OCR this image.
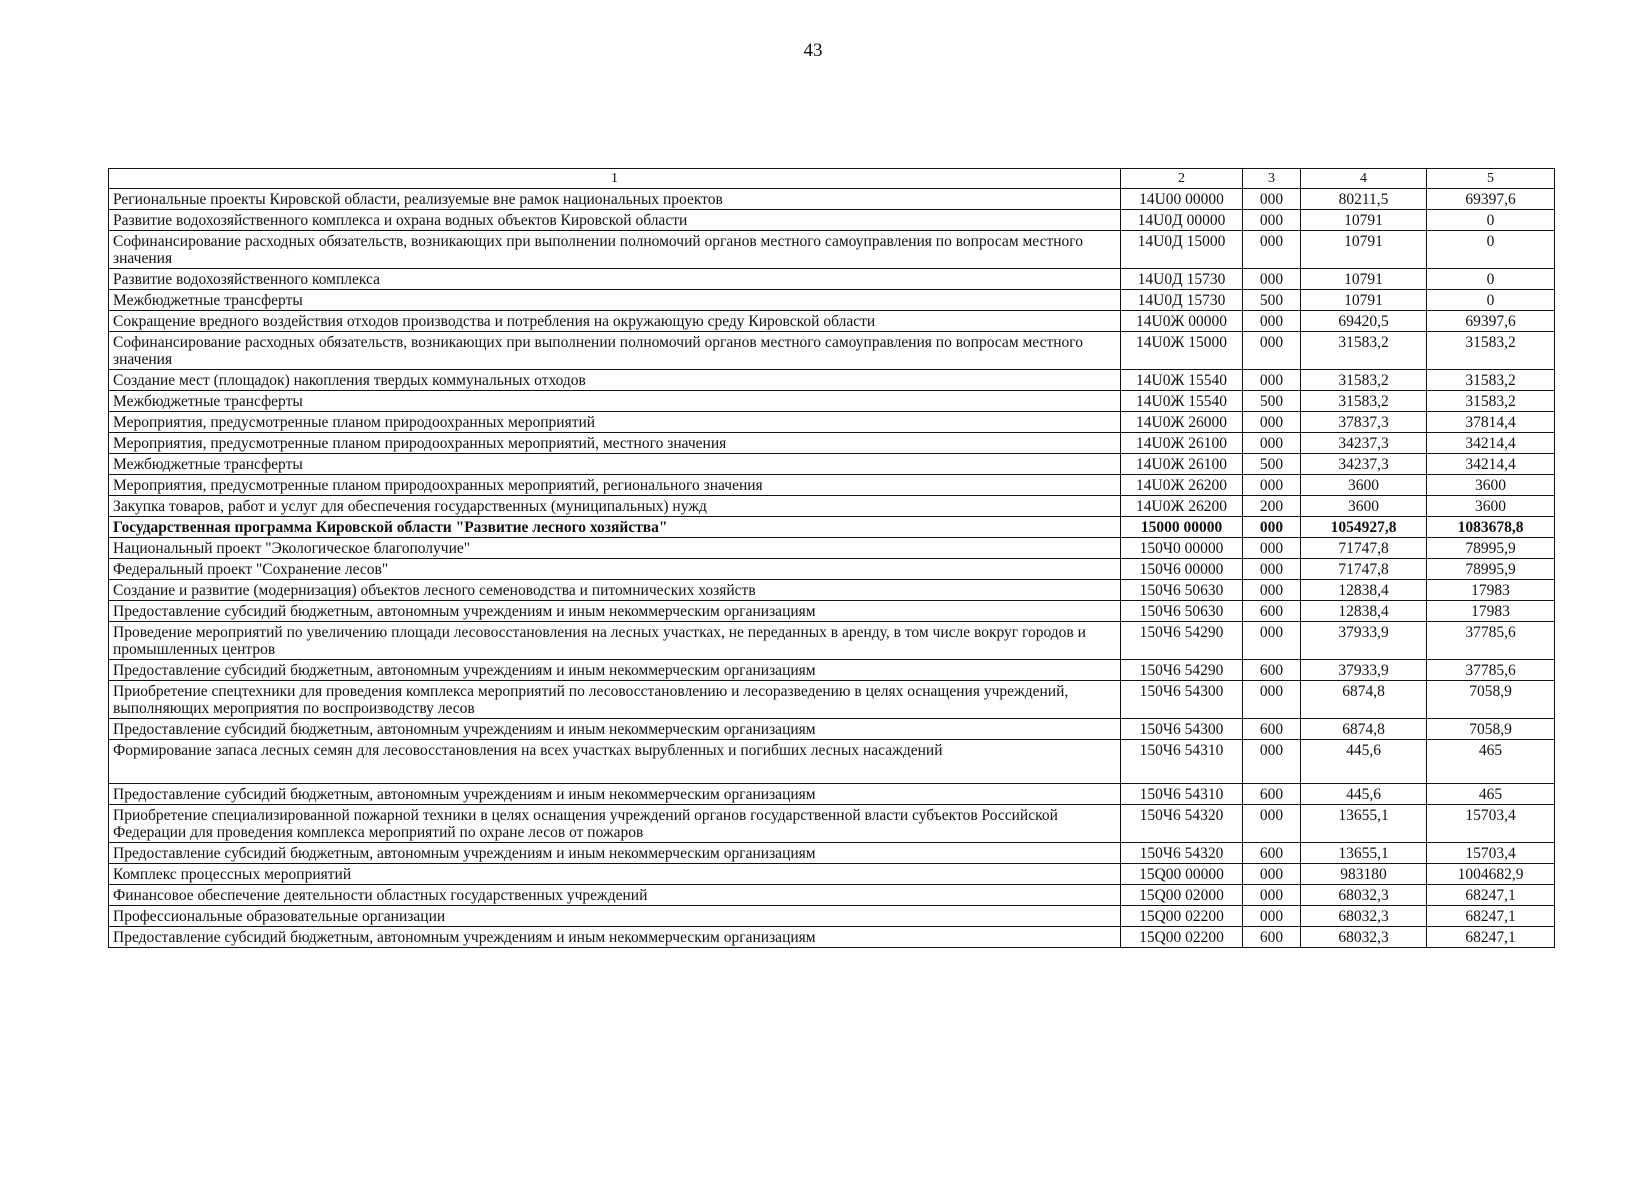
43
1	2	3	4	5
Региональные проекты Кировской области, реализуемые вне рамок национальных проектов	14U00 00000	000	80211,5	69397,6
Развитие водохозяйственного комплекса и охрана водных объектов Кировской области	14U0Д 00000	000	10791	0
Софинансирование расходных обязательств, возникающих при выполнении полномочий органов местного самоуправления по вопросам местного значения	14U0Д 15000	000	10791	0
Развитие водохозяйственного комплекса	14U0Д 15730	000	10791	0
Межбюджетные трансферты	14U0Д 15730	500	10791	0
Сокращение вредного воздействия отходов производства и потребления на окружающую среду Кировской области	14U0Ж 00000	000	69420,5	69397,6
Софинансирование расходных обязательств, возникающих при выполнении полномочий органов местного самоуправления по вопросам местного значения	14U0Ж 15000	000	31583,2	31583,2
Создание мест (площадок) накопления твердых коммунальных отходов	14U0Ж 15540	000	31583,2	31583,2
Межбюджетные трансферты	14U0Ж 15540	500	31583,2	31583,2
Мероприятия, предусмотренные планом природоохранных мероприятий	14U0Ж 26000	000	37837,3	37814,4
Мероприятия, предусмотренные планом природоохранных мероприятий, местного значения	14U0Ж 26100	000	34237,3	34214,4
Межбюджетные трансферты	14U0Ж 26100	500	34237,3	34214,4
Мероприятия, предусмотренные планом природоохранных мероприятий, регионального значения	14U0Ж 26200	000	3600	3600
Закупка товаров, работ и услуг для обеспечения государственных (муниципальных) нужд	14U0Ж 26200	200	3600	3600
Государственная программа Кировской области "Развитие лесного хозяйства"	15000 00000	000	1054927,8	1083678,8
Национальный проект "Экологическое благополучие"	150Ч0 00000	000	71747,8	78995,9
Федеральный проект "Сохранение лесов"	150Ч6 00000	000	71747,8	78995,9
Создание и развитие (модернизация) объектов лесного семеноводства и питомнических хозяйств	150Ч6 50630	000	12838,4	17983
Предоставление субсидий бюджетным, автономным учреждениям и иным некоммерческим организациям	150Ч6 50630	600	12838,4	17983
Проведение мероприятий по увеличению площади лесовосстановления на лесных участках, не переданных в аренду, в том числе вокруг городов и промышленных центров	150Ч6 54290	000	37933,9	37785,6
Предоставление субсидий бюджетным, автономным учреждениям и иным некоммерческим организациям	150Ч6 54290	600	37933,9	37785,6
Приобретение спецтехники для проведения комплекса мероприятий по лесовосстановлению и лесоразведению в целях оснащения учреждений, выполняющих мероприятия по воспроизводству лесов	150Ч6 54300	000	6874,8	7058,9
Предоставление субсидий бюджетным, автономным учреждениям и иным некоммерческим организациям	150Ч6 54300	600	6874,8	7058,9
Формирование запаса лесных семян для лесовосстановления на всех участках вырубленных и погибших лесных насаждений	150Ч6 54310	000	445,6	465
Предоставление субсидий бюджетным, автономным учреждениям и иным некоммерческим организациям	150Ч6 54310	600	445,6	465
Приобретение специализированной пожарной техники в целях оснащения учреждений органов государственной власти субъектов Российской Федерации для проведения комплекса мероприятий по охране лесов от пожаров	150Ч6 54320	000	13655,1	15703,4
Предоставление субсидий бюджетным, автономным учреждениям и иным некоммерческим организациям	150Ч6 54320	600	13655,1	15703,4
Комплекс процессных мероприятий	15Q00 00000	000	983180	1004682,9
Финансовое обеспечение деятельности областных государственных учреждений	15Q00 02000	000	68032,3	68247,1
Профессиональные образовательные организации	15Q00 02200	000	68032,3	68247,1
Предоставление субсидий бюджетным, автономным учреждениям и иным некоммерческим организациям	15Q00 02200	600	68032,3	68247,1
